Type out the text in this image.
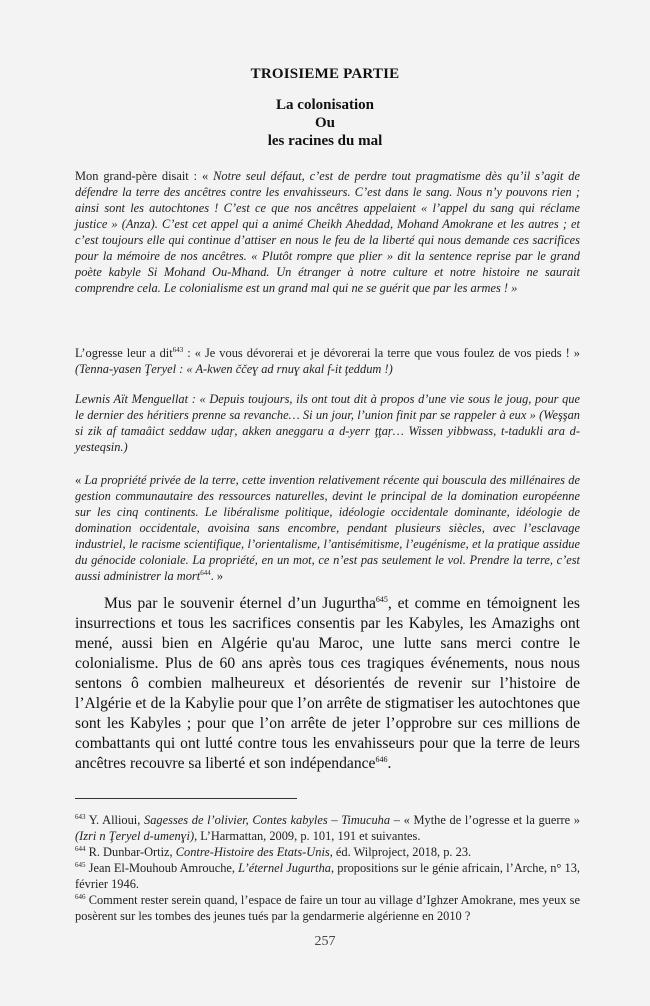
TROISIEME PARTIE
La colonisation
Ou
les racines du mal
Mon grand-père disait : « Notre seul défaut, c’est de perdre tout pragmatisme dès qu’il s’agit de défendre la terre des ancêtres contre les envahisseurs. C’est dans le sang. Nous n’y pouvons rien ; ainsi sont les autochtones ! C’est ce que nos ancêtres appelaient « l’appel du sang qui réclame justice » (Anza). C’est cet appel qui a animé Cheikh Aheddad, Mohand Amokrane et les autres ; et c’est toujours elle qui continue d’attiser en nous le feu de la liberté qui nous demande ces sacrifices pour la mémoire de nos ancêtres. « Plutôt rompre que plier » dit la sentence reprise par le grand poète kabyle Si Mohand Ou-Mhand. Un étranger à notre culture et notre histoire ne saurait comprendre cela. Le colonialisme est un grand mal qui ne se guérit que par les armes ! »
L’ogresse leur a dit$^{643}$ : « Je vous dévorerai et je dévorerai la terre que vous foulez de vos pieds ! » (Tenna-yasen Ţeryel : « A-kwen ččeɣ ad rnuɣ akal f-it ţeddum !)
Lewnis Aït Menguellat : « Depuis toujours, ils ont tout dit à propos d’une vie sous le joug, pour que le dernier des héritiers prenne sa revanche… Si un jour, l’union finit par se rappeler à eux » (Weşşan si zik af tamaâict seddaw uḍaṛ, akken aneggaru a d-yerr ţţaṛ… Wissen yibbwass, t-tadukli ara d-yesteqsin.)
« La propriété privée de la terre, cette invention relativement récente qui bouscula des millénaires de gestion communautaire des ressources naturelles, devint le principal de la domination européenne sur les cinq continents. Le libéralisme politique, idéologie occidentale dominante, idéologie de domination occidentale, avoisina sans encombre, pendant plusieurs siècles, avec l’esclavage industriel, le racisme scientifique, l’orientalisme, l’antisémitisme, l’eugénisme, et la pratique assidue du génocide coloniale. La propriété, en un mot, ce n’est pas seulement le vol. Prendre la terre, c’est aussi administrer la mort$^{644}$. »
Mus par le souvenir éternel d’un Jugurtha$^{645}$, et comme en témoignent les insurrections et tous les sacrifices consentis par les Kabyles, les Amazighs ont mené, aussi bien en Algérie qu'au Maroc, une lutte sans merci contre le colonialisme. Plus de 60 ans après tous ces tragiques événements, nous nous sentons ô combien malheureux et désorientés de revenir sur l’histoire de l’Algérie et de la Kabylie pour que l’on arrête de stigmatiser les autochtones que sont les Kabyles ; pour que l’on arrête de jeter l’opprobre sur ces millions de combattants qui ont lutté contre tous les envahisseurs pour que la terre de leurs ancêtres recouvre sa liberté et son indépendance$^{646}$.

$^{643}$ Y. Allioui, Sagesses de l’olivier, Contes kabyles – Timucuha – « Mythe de l’ogresse et la guerre » (Izri n Ţeryel d-umenɣi), L’Harmattan, 2009, p. 101, 191 et suivantes.

$^{644}$ R. Dunbar-Ortiz, Contre-Histoire des Etats-Unis, éd. Wilproject, 2018, p. 23.

$^{645}$ Jean El-Mouhoub Amrouche, L’éternel Jugurtha, propositions sur le génie africain, l’Arche, n° 13, février 1946.

$^{646}$ Comment rester serein quand, l’espace de faire un tour au village d’Ighzer Amokrane, mes yeux se posèrent sur les tombes des jeunes tués par la gendarmerie algérienne en 2010 ?

257
